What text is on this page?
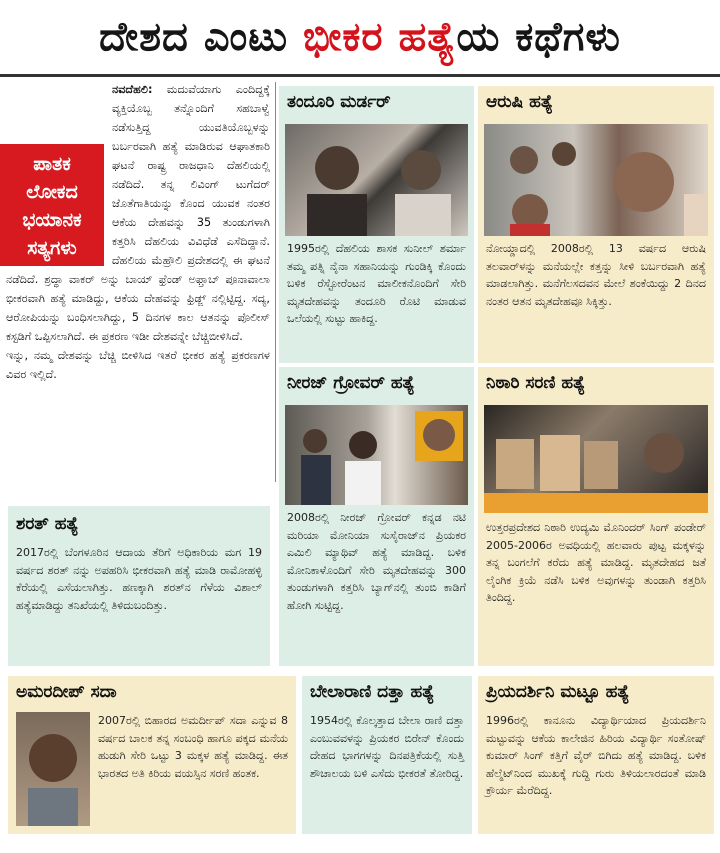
ದೇಶದ ಎಂಟು ಭೀಕರ ಹತ್ಯೆಯ ಕಥೆಗಳು
ಪಾತಕ
ಲೋಕದ
ಭಯಾನಕ
ಸತ್ಯಗಳು

ನವದೆಹಲಿ: ಮದುವೆಯಾಗು ಎಂದಿದ್ದಕ್ಕೆ ವ್ಯಕ್ತಿಯೊಬ್ಬ ತನ್ನೊಂದಿಗೆ ಸಹಬಾಳ್ವೆ ನಡೆಸುತ್ತಿದ್ದ ಯುವತಿಯೊಬ್ಬಳನ್ನು ಬರ್ಬರವಾಗಿ ಹತ್ಯೆ ಮಾಡಿರುವ ಆಘಾತಕಾರಿ ಘಟನೆ ರಾಷ್ಟ್ರ ರಾಜಧಾನಿ ದೆಹಲಿಯಲ್ಲಿ ನಡೆದಿದೆ. ತನ್ನ ಲಿವಿಂಗ್ ಟುಗೆದರ್ ಜೊತೆಗಾತಿಯನ್ನು ಕೊಂದ ಯುವಕ ನಂತರ ಆಕೆಯ ದೇಹವನ್ನು 35 ತುಂಡುಗಳಾಗಿ ಕತ್ತರಿಸಿ ದೆಹಲಿಯ ವಿವಿಧೆಡೆ ಎಸೆದಿದ್ದಾನೆ. ದೆಹಲಿಯ ಮೆಹ್ರೌಲಿ ಪ್ರದೇಶದಲ್ಲಿ ಈ ಘಟನೆ ನಡೆದಿದೆ. ಶ್ರದ್ಧಾ ವಾಕರ್ ಅನ್ನು ಬಾಯ್ ಫ್ರೆಂಡ್ ಅಫ್ತಾಬ್ ಪೂನಾವಾಲಾ ಭೀಕರವಾಗಿ ಹತ್ಯೆ ಮಾಡಿದ್ದು, ಆಕೆಯ ದೇಹವನ್ನು ಫ್ರಿಡ್ಜ್ ನಲ್ಲಿಟ್ಟಿದ್ದ. ಸದ್ಯ, ಆರೋಪಿಯನ್ನು ಬಂಧಿಸಲಾಗಿದ್ದು, 5 ದಿನಗಳ ಕಾಲ ಆತನನ್ನು ಪೊಲೀಸ್ ಕಸ್ಟಡಿಗೆ ಒಪ್ಪಿಸಲಾಗಿದೆ. ಈ ಪ್ರಕರಣ ಇಡೀ ದೇಶವನ್ನೇ ಬೆಚ್ಚಿಬೀಳಿಸಿದೆ.

ಇನ್ನು, ನಮ್ಮ ದೇಶವನ್ನು ಬೆಚ್ಚಿ ಬೀಳಿಸಿದ ಇತರೆ ಭೀಕರ ಹತ್ಯೆ ಪ್ರಕರಣಗಳ ವಿವರ ಇಲ್ಲಿದೆ.

ತಂದೂರಿ ಮರ್ಡರ್
1995ರಲ್ಲಿ ದೆಹಲಿಯ ಶಾಸಕ ಸುನೀಲ್ ಶರ್ಮಾ ತಮ್ಮ ಪತ್ನಿ ನೈನಾ ಸಹಾನಿಯನ್ನು ಗುಂಡಿಕ್ಕಿ ಕೊಂದು ಬಳಿಕ ರೆಸ್ಟೋರೆಂಟನ ಮಾಲೀಕನೊಂದಿಗೆ ಸೇರಿ ಮೃತದೇಹವನ್ನು ತಂದೂರಿ ರೊಟಿ ಮಾಡುವ ಒಲೆಯಲ್ಲಿ ಸುಟ್ಟು ಹಾಕಿದ್ದ.
ಆರುಷಿ ಹತ್ಯೆ
ನೋಯ್ಡಾದಲ್ಲಿ 2008ರಲ್ಲಿ 13 ವರ್ಷದ ಆರುಷಿ ತಲವಾರ್‌ಳನ್ನು ಮನೆಯಲ್ಲೇ ಕತ್ತನ್ನು ಸೀಳಿ ಬರ್ಬರವಾಗಿ ಹತ್ಯೆ ಮಾಡಲಾಗಿತ್ತು. ಮನೆಗೆಲಸದವನ ಮೇಲೆ ಶಂಕೆಯಿದ್ದು 2 ದಿನದ ನಂತರ ಆತನ ಮೃತದೇಹವೂ ಸಿಕ್ಕಿತ್ತು.
ನೀರಜ್ ಗ್ರೋವರ್ ಹತ್ಯೆ
2008ರಲ್ಲಿ ನೀರಜ್ ಗ್ರೋವರ್ ಕನ್ನಡ ನಟಿ ಮರಿಯಾ ಮೋನಿಯಾ ಸುಸೈರಾಜ್‌ನ ಪ್ರಿಯಕರ ಎಮಿಲಿ ಮ್ಯಾಥಿವ್ ಹತ್ಯೆ ಮಾಡಿದ್ದ. ಬಳಿಕ ಮೋನಿಕಾಳೊಂದಿಗೆ ಸೇರಿ ಮೃತದೇಹವನ್ನು 300 ತುಂಡುಗಳಾಗಿ ಕತ್ತರಿಸಿ ಬ್ಯಾಗ್‌ನಲ್ಲಿ ತುಂಬಿ ಕಾಡಿಗೆ ಹೋಗಿ ಸುಟ್ಟಿದ್ದ.
ನಿಠಾರಿ ಸರಣಿ ಹತ್ಯೆ
ಉತ್ತರಪ್ರದೇಶದ ನಿಠಾರಿ ಉದ್ಯಮಿ ಮೊನಿಂದರ್ ಸಿಂಗ್ ಪಂಡೇರ್ 2005-2006ರ ಅವಧಿಯಲ್ಲಿ ಹಲವಾರು ಪುಟ್ಟ ಮಕ್ಕಳನ್ನು ತನ್ನ ಬಂಗಲೆಗೆ ಕರೆದು ಹತ್ಯೆ ಮಾಡಿದ್ದ. ಮೃತದೇಹದ ಜತೆ ಲೈಂಗಿಕ ಕ್ರಿಯೆ ನಡೆಸಿ ಬಳಿಕ ಅವುಗಳನ್ನು ತುಂಡಾಗಿ ಕತ್ತರಿಸಿ ತಿಂದಿದ್ದ.
ಶರತ್ ಹತ್ಯೆ
2017ರಲ್ಲಿ ಬೆಂಗಳೂರಿನ ಆದಾಯ ತೆರಿಗೆ ಅಧಿಕಾರಿಯ ಮಗ 19 ವರ್ಷದ ಶರತ್ ನನ್ನು ಅಪಹರಿಸಿ ಭೀಕರವಾಗಿ ಹತ್ಯೆ ಮಾಡಿ ರಾಮೋಹಳ್ಳಿ ಕೆರೆಯಲ್ಲಿ ಎಸೆಯಲಾಗಿತ್ತು. ಹಣಕ್ಕಾಗಿ ಶರತ್‌ನ ಗೆಳೆಯ ವಿಶಾಲ್ ಹತ್ಯೆಮಾಡಿದ್ದು ತನಿಖೆಯಲ್ಲಿ ತಿಳಿದುಬಂದಿತ್ತು.
ಅಮರದೀಪ್ ಸದಾ
2007ರಲ್ಲಿ ಬಿಹಾರದ ಅಮರ್ದೀಪ್ ಸದಾ ಎನ್ನುವ 8 ವರ್ಷದ ಬಾಲಕ ತನ್ನ ಸಂಬಂಧಿ ಹಾಗೂ ಪಕ್ಕದ ಮನೆಯ ಹುಡುಗಿ ಸೇರಿ ಒಟ್ಟು 3 ಮಕ್ಕಳ ಹತ್ಯೆ ಮಾಡಿದ್ದ. ಈತ ಭಾರತದ ಅತಿ ಕಿರಿಯ ವಯಸ್ಸಿನ ಸರಣಿ ಹಂತಕ.
ಬೇಲಾರಾಣಿ ದತ್ತಾ ಹತ್ಯೆ
1954ರಲ್ಲಿ ಕೊಲ್ಕತ್ತಾದ ಬೇಲಾ ರಾಣಿ ದತ್ತಾ ಎಂಬುವವಳನ್ನು ಪ್ರಿಯಕರ ಬಿರೇನ್ ಕೊಂದು ದೇಹದ ಭಾಗಗಳನ್ನು ದಿನಪತ್ರಿಕೆಯಲ್ಲಿ ಸುತ್ತಿ ಶೌಚಾಲಯ ಬಳಿ ಎಸೆದು ಭೀಕರತೆ ತೋರಿದ್ದ.
ಪ್ರಿಯದರ್ಶಿನಿ ಮಟ್ಟೂ ಹತ್ಯೆ
1996ರಲ್ಲಿ ಕಾನೂನು ವಿದ್ಯಾರ್ಥಿಯಾದ ಪ್ರಿಯದರ್ಶಿನಿ ಮಟ್ಟುವನ್ನು ಆಕೆಯ ಕಾಲೇಜಿನ ಹಿರಿಯ ವಿದ್ಯಾರ್ಥಿ ಸಂತೋಷ್ ಕುಮಾರ್ ಸಿಂಗ್ ಕತ್ತಿಗೆ ವೈರ್ ಬಿಗಿದು ಹತ್ಯೆ ಮಾಡಿದ್ದ. ಬಳಿಕ ಹೆಲ್ಮೆಟ್‌ನಿಂದ ಮುಖಕ್ಕೆ ಗುದ್ದಿ ಗುರು ತಿಳಿಯಲಾರದಂತೆ ಮಾಡಿ ಕ್ರೌರ್ಯ ಮೆರೆದಿದ್ದ.
